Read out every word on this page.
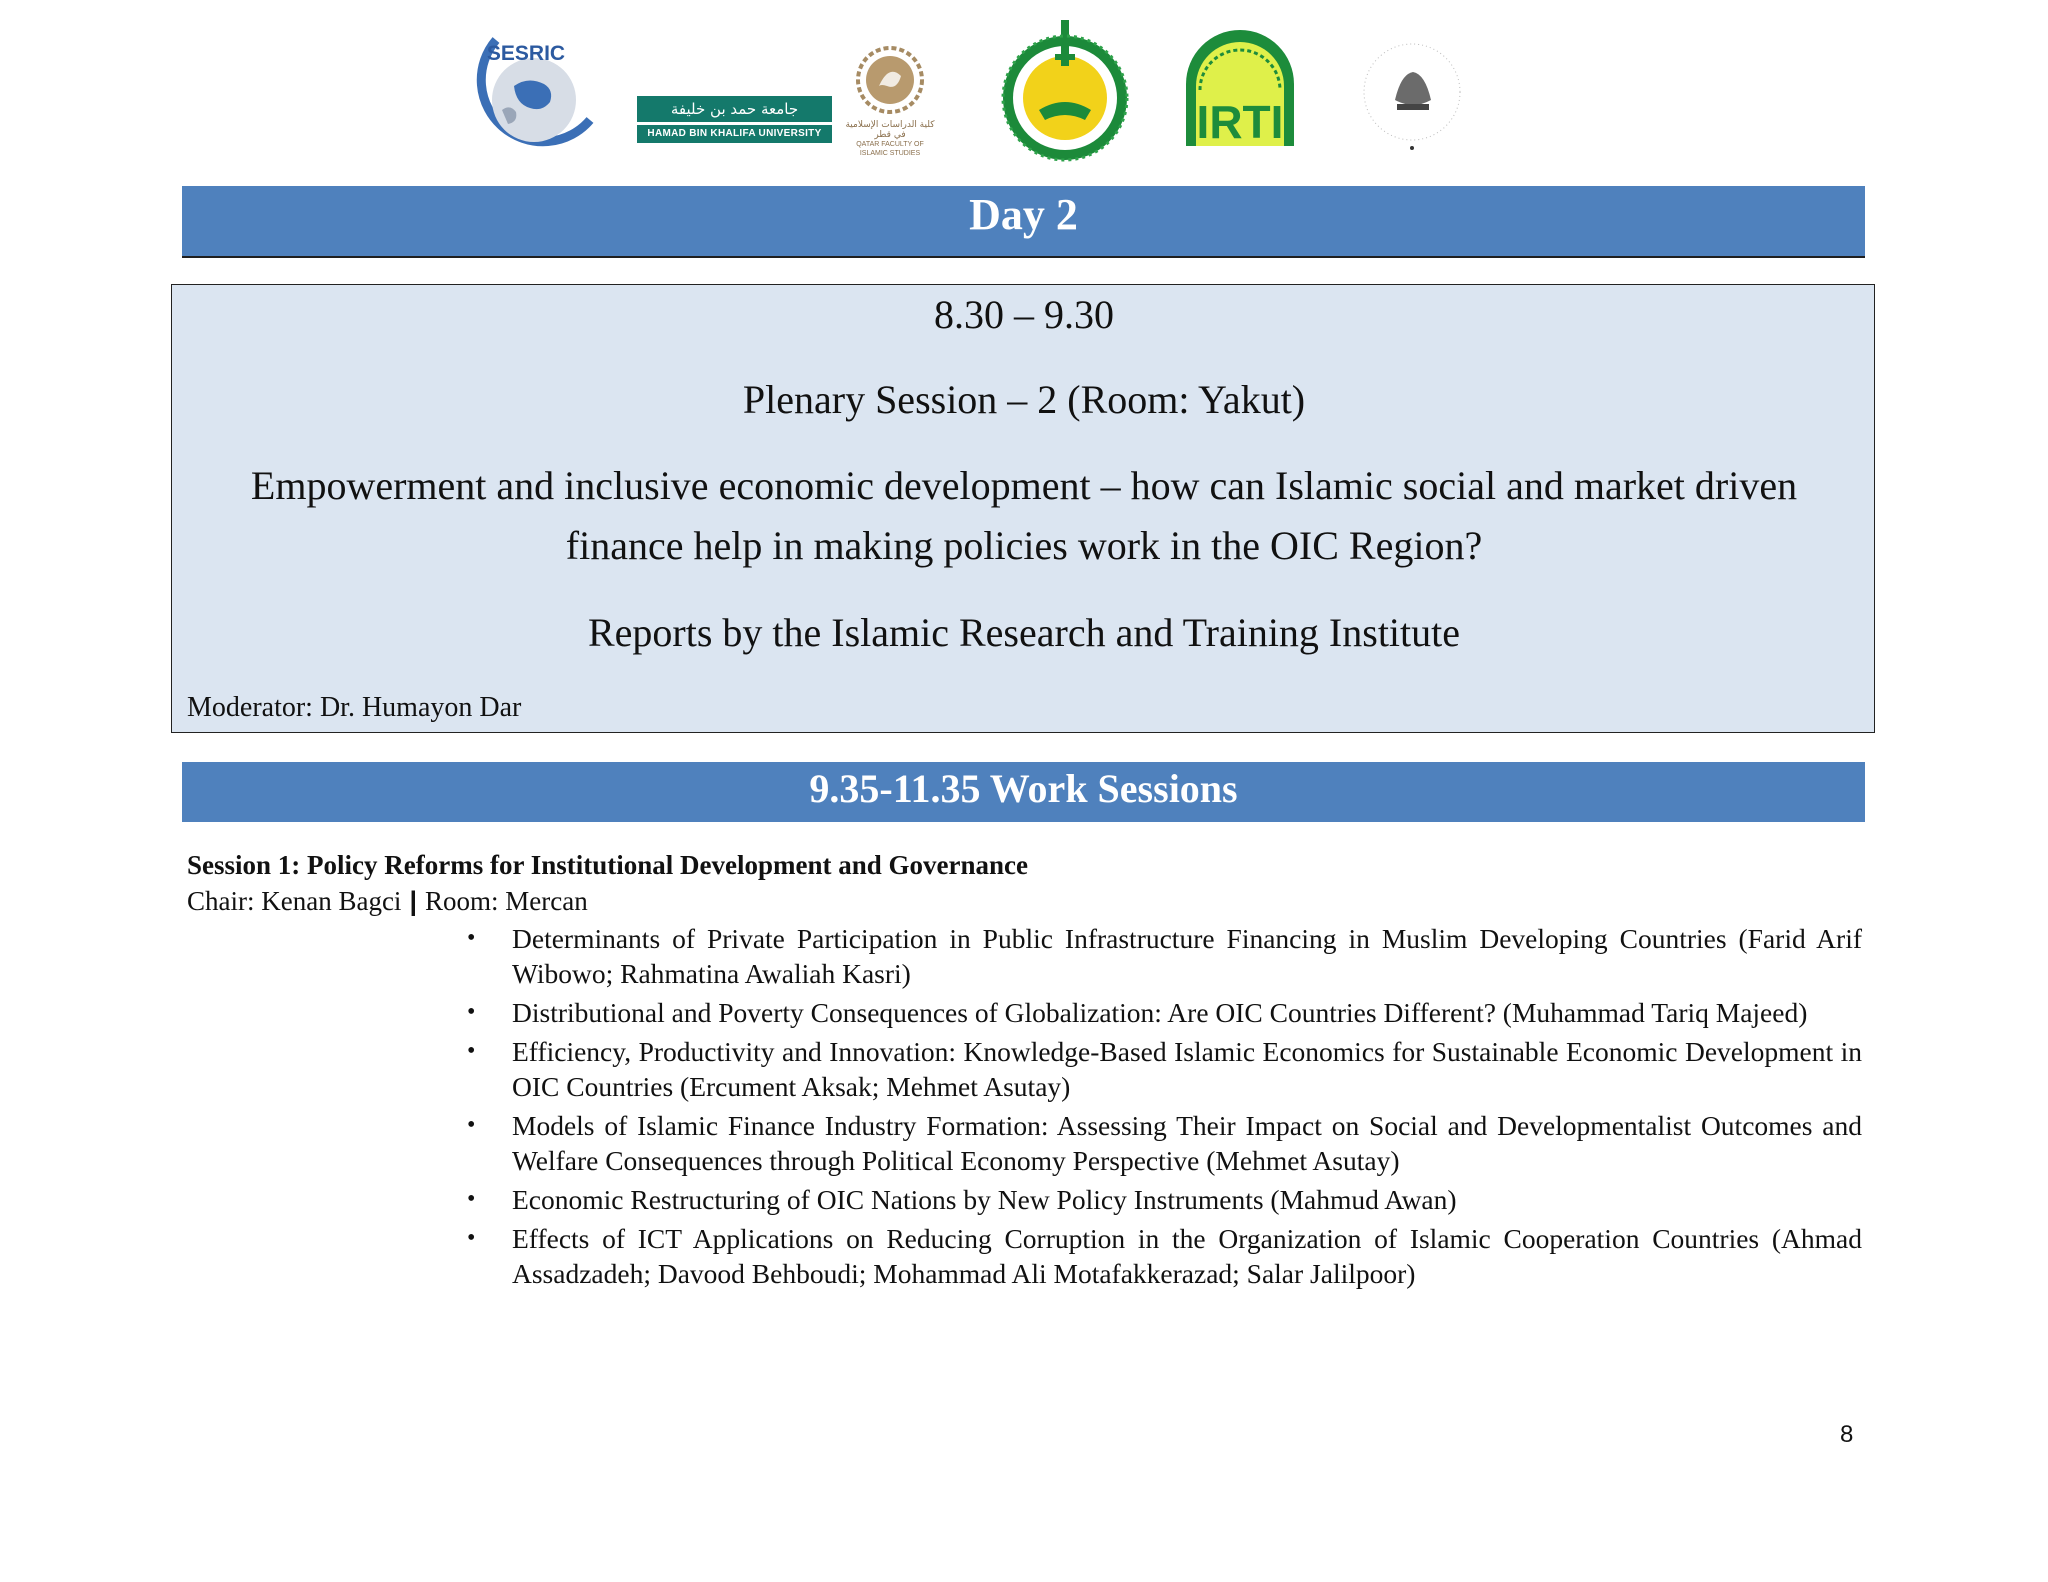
SESRIC
جامعة حمد بن خليفة
HAMAD BIN KHALIFA UNIVERSITY
كلية الدراسات الإسلامية في قطر
QATAR FACULTY OF ISLAMIC STUDIES
IRTI
Day 2
8.30 – 9.30
Plenary Session – 2 (Room: Yakut)
Empowerment and inclusive economic development – how can Islamic social and market driven finance help in making policies work in the OIC Region?
Reports by the Islamic Research and Training Institute
Moderator: Dr. Humayon Dar
9.35-11.35 Work Sessions
Session 1: Policy Reforms for Institutional Development and Governance
Chair: Kenan Bagci | Room: Mercan
• Determinants of Private Participation in Public Infrastructure Financing in Muslim Developing Countries (Farid Arif Wibowo; Rahmatina Awaliah Kasri)
• Distributional and Poverty Consequences of Globalization: Are OIC Countries Different? (Muhammad Tariq Majeed)
• Efficiency, Productivity and Innovation: Knowledge-Based Islamic Economics for Sustainable Economic Development in OIC Countries (Ercument Aksak; Mehmet Asutay)
• Models of Islamic Finance Industry Formation: Assessing Their Impact on Social and Developmentalist Outcomes and Welfare Consequences through Political Economy Perspective (Mehmet Asutay)
• Economic Restructuring of OIC Nations by New Policy Instruments (Mahmud Awan)
• Effects of ICT Applications on Reducing Corruption in the Organization of Islamic Cooperation Countries (Ahmad Assadzadeh; Davood Behboudi; Mohammad Ali Motafakkerazad; Salar Jalilpoor)
8
